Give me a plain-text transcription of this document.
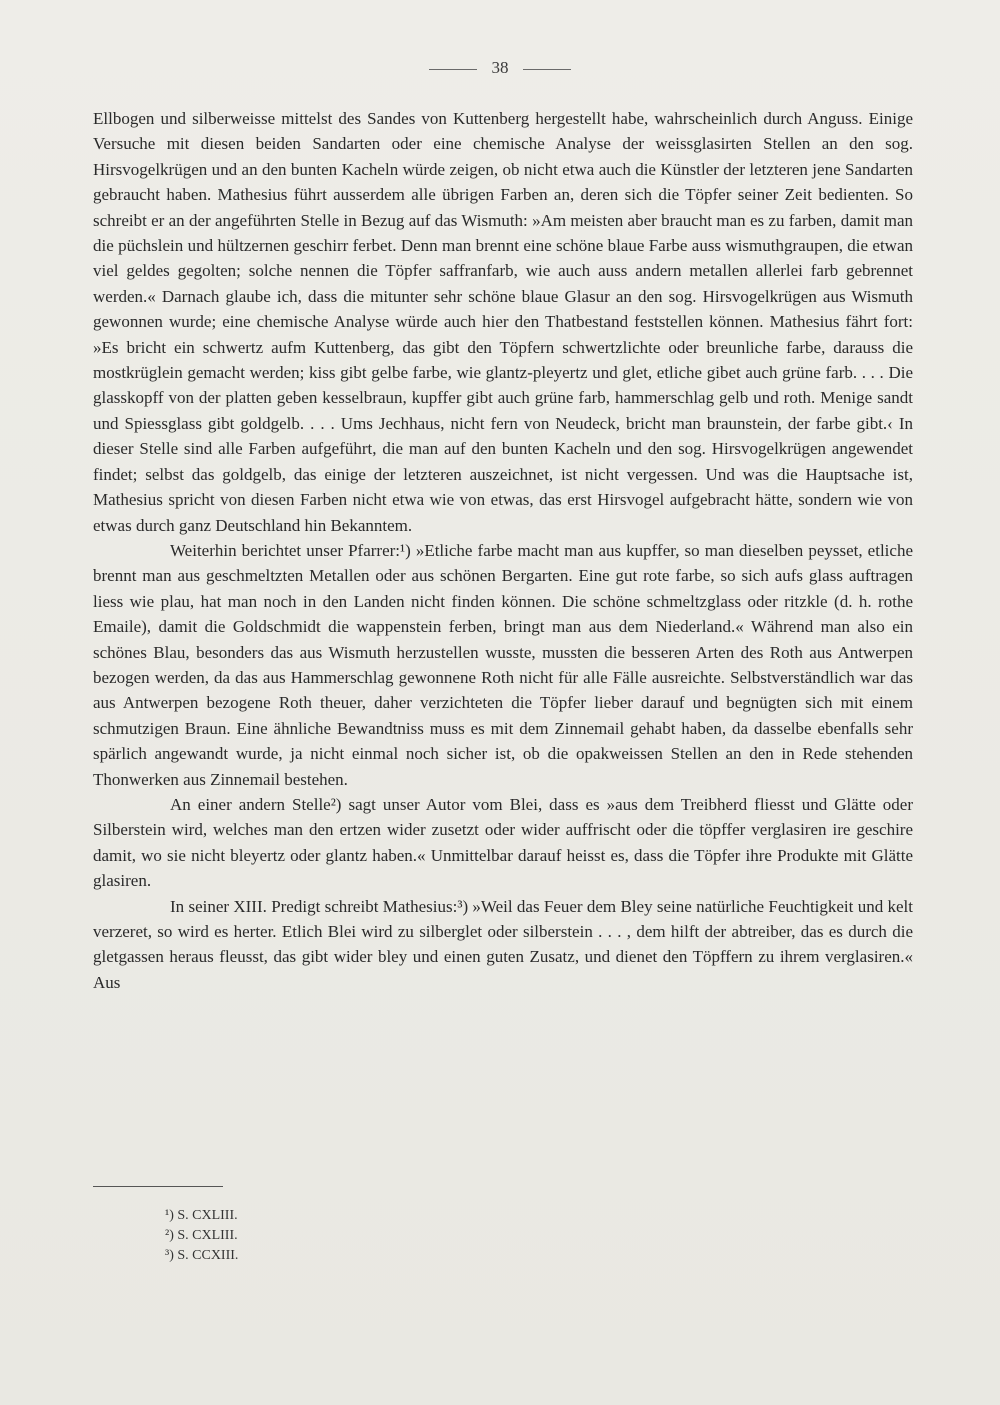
38

Ellbogen und silberweisse mittelst des Sandes von Kuttenberg hergestellt habe, wahrscheinlich durch Anguss. Einige Versuche mit diesen beiden Sandarten oder eine chemische Analyse der weissglasirten Stellen an den sog. Hirsvogelkrügen und an den bunten Kacheln würde zeigen, ob nicht etwa auch die Künstler der letzteren jene Sandarten gebraucht haben. Mathesius führt ausserdem alle übrigen Farben an, deren sich die Töpfer seiner Zeit bedienten. So schreibt er an der angeführten Stelle in Bezug auf das Wismuth: »Am meisten aber braucht man es zu farben, damit man die püchslein und hültzernen geschirr ferbet. Denn man brennt eine schöne blaue Farbe auss wismuthgraupen, die etwan viel geldes gegolten; solche nennen die Töpfer saffranfarb, wie auch auss andern metallen allerlei farb gebrennet werden.« Darnach glaube ich, dass die mitunter sehr schöne blaue Glasur an den sog. Hirsvogelkrügen aus Wismuth gewonnen wurde; eine chemische Analyse würde auch hier den Thatbestand feststellen können. Mathesius fährt fort: »Es bricht ein schwertz aufm Kuttenberg, das gibt den Töpfern schwertzlichte oder breunliche farbe, darauss die mostkrüglein gemacht werden; kiss gibt gelbe farbe, wie glantz-pleyertz und glet, etliche gibet auch grüne farb. . . . Die glasskopff von der platten geben kesselbraun, kupffer gibt auch grüne farb, hammerschlag gelb und roth. Menige sandt und Spiessglass gibt goldgelb. . . . Ums Jechhaus, nicht fern von Neudeck, bricht man braunstein, der farbe gibt.‹ In dieser Stelle sind alle Farben aufgeführt, die man auf den bunten Kacheln und den sog. Hirsvogelkrügen angewendet findet; selbst das goldgelb, das einige der letzteren auszeichnet, ist nicht vergessen. Und was die Hauptsache ist, Mathesius spricht von diesen Farben nicht etwa wie von etwas, das erst Hirsvogel aufgebracht hätte, sondern wie von etwas durch ganz Deutschland hin Bekanntem.

Weiterhin berichtet unser Pfarrer:¹) »Etliche farbe macht man aus kupffer, so man dieselben peysset, etliche brennt man aus geschmeltzten Metallen oder aus schönen Bergarten. Eine gut rote farbe, so sich aufs glass auftragen liess wie plau, hat man noch in den Landen nicht finden können. Die schöne schmeltzglass oder ritzkle (d. h. rothe Emaile), damit die Goldschmidt die wappenstein ferben, bringt man aus dem Niederland.« Während man also ein schönes Blau, besonders das aus Wismuth herzustellen wusste, mussten die besseren Arten des Roth aus Antwerpen bezogen werden, da das aus Hammerschlag gewonnene Roth nicht für alle Fälle ausreichte. Selbstverständlich war das aus Antwerpen bezogene Roth theuer, daher verzichteten die Töpfer lieber darauf und begnügten sich mit einem schmutzigen Braun. Eine ähnliche Bewandtniss muss es mit dem Zinnemail gehabt haben, da dasselbe ebenfalls sehr spärlich angewandt wurde, ja nicht einmal noch sicher ist, ob die opakweissen Stellen an den in Rede stehenden Thonwerken aus Zinnemail bestehen.

An einer andern Stelle²) sagt unser Autor vom Blei, dass es »aus dem Treibherd fliesst und Glätte oder Silberstein wird, welches man den ertzen wider zusetzt oder wider auffrischt oder die töpffer verglasiren ire geschire damit, wo sie nicht bleyertz oder glantz haben.« Unmittelbar darauf heisst es, dass die Töpfer ihre Produkte mit Glätte glasiren.

In seiner XIII. Predigt schreibt Mathesius:³) »Weil das Feuer dem Bley seine natürliche Feuchtigkeit und kelt verzeret, so wird es herter. Etlich Blei wird zu silberglet oder silberstein . . . , dem hilft der abtreiber, das es durch die gletgassen heraus fleusst, das gibt wider bley und einen guten Zusatz, und dienet den Töpffern zu ihrem verglasiren.« Aus

¹) S. CXLIII.
²) S. CXLIII.
³) S. CCXIII.
